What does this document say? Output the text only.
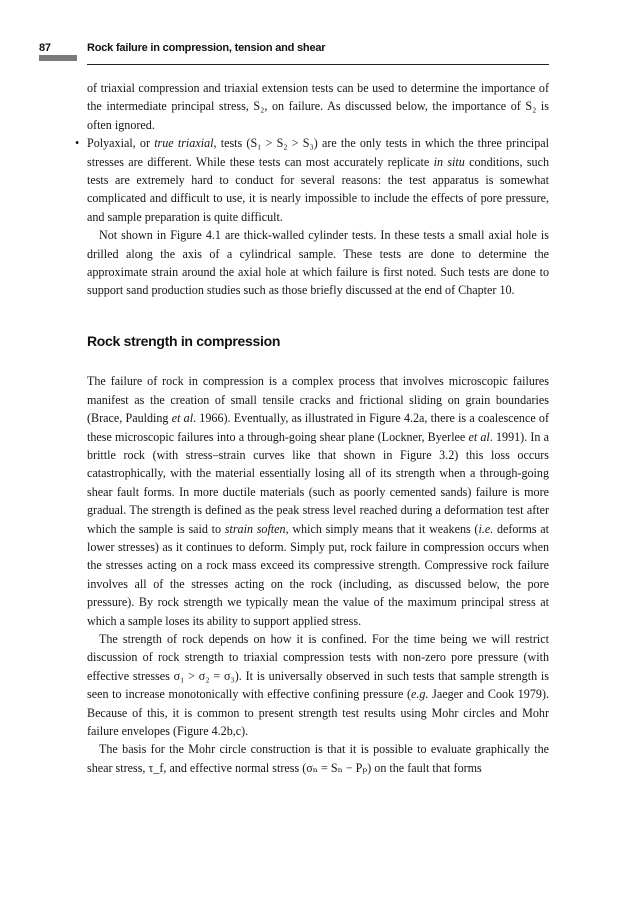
87	Rock failure in compression, tension and shear

of triaxial compression and triaxial extension tests can be used to determine the importance of the intermediate principal stress, S₂, on failure. As discussed below, the importance of S₂ is often ignored.

• Polyaxial, or true triaxial, tests (S₁ > S₂ > S₃) are the only tests in which the three principal stresses are different. While these tests can most accurately replicate in situ conditions, such tests are extremely hard to conduct for several reasons: the test apparatus is somewhat complicated and difficult to use, it is nearly impossible to include the effects of pore pressure, and sample preparation is quite difficult.

Not shown in Figure 4.1 are thick-walled cylinder tests. In these tests a small axial hole is drilled along the axis of a cylindrical sample. These tests are done to determine the approximate strain around the axial hole at which failure is first noted. Such tests are done to support sand production studies such as those briefly discussed at the end of Chapter 10.

Rock strength in compression

The failure of rock in compression is a complex process that involves microscopic failures manifest as the creation of small tensile cracks and frictional sliding on grain boundaries (Brace, Paulding et al. 1966). Eventually, as illustrated in Figure 4.2a, there is a coalescence of these microscopic failures into a through-going shear plane (Lockner, Byerlee et al. 1991). In a brittle rock (with stress–strain curves like that shown in Figure 3.2) this loss occurs catastrophically, with the material essentially losing all of its strength when a through-going shear fault forms. In more ductile materials (such as poorly cemented sands) failure is more gradual. The strength is defined as the peak stress level reached during a deformation test after which the sample is said to strain soften, which simply means that it weakens (i.e. deforms at lower stresses) as it continues to deform. Simply put, rock failure in compression occurs when the stresses acting on a rock mass exceed its compressive strength. Compressive rock failure involves all of the stresses acting on the rock (including, as discussed below, the pore pressure). By rock strength we typically mean the value of the maximum principal stress at which a sample loses its ability to support applied stress.

The strength of rock depends on how it is confined. For the time being we will restrict discussion of rock strength to triaxial compression tests with non-zero pore pressure (with effective stresses σ₁ > σ₂ = σ₃). It is universally observed in such tests that sample strength is seen to increase monotonically with effective confining pressure (e.g. Jaeger and Cook 1979). Because of this, it is common to present strength test results using Mohr circles and Mohr failure envelopes (Figure 4.2b,c).

The basis for the Mohr circle construction is that it is possible to evaluate graphically the shear stress, τ_f, and effective normal stress (σₙ = Sₙ − Pₚ) on the fault that forms
